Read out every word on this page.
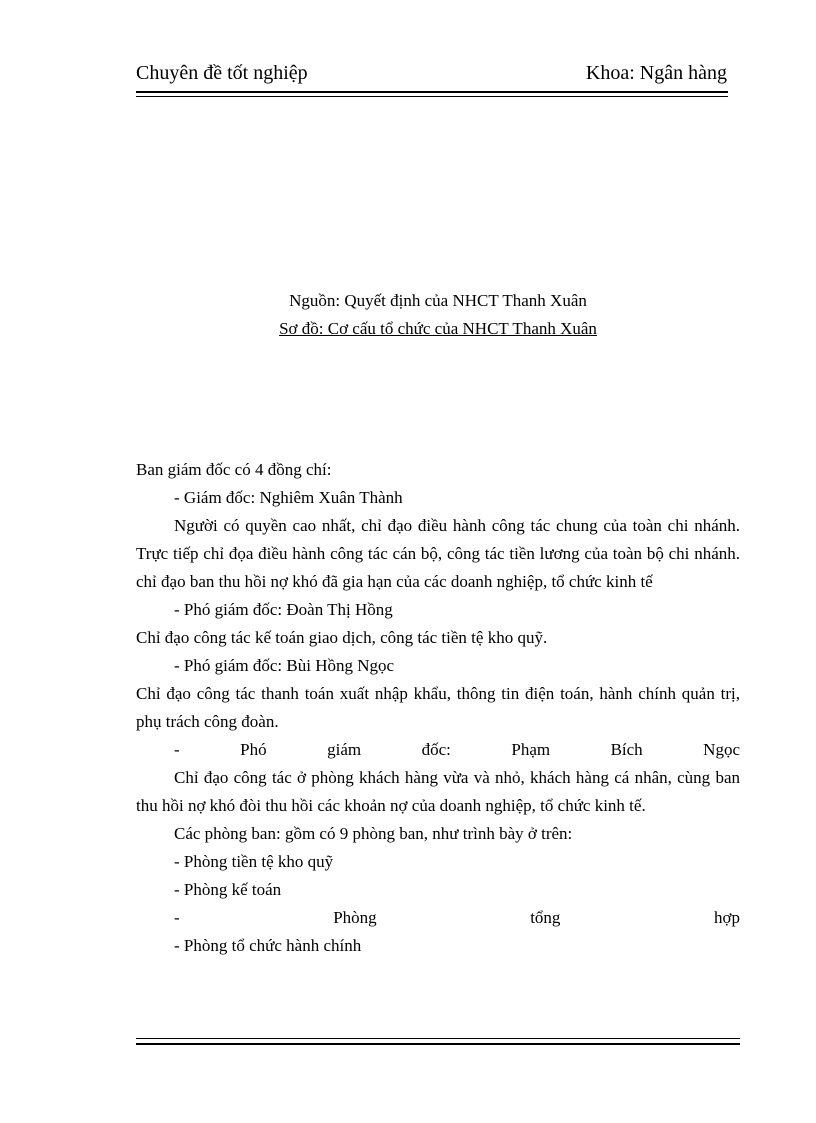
Chuyên đề tốt nghiệp	Khoa: Ngân hàng
Nguồn: Quyết định của NHCT Thanh Xuân
Sơ đồ: Cơ cấu tổ chức của NHCT Thanh Xuân
Ban giám đốc có 4 đồng chí:
- Giám đốc: Nghiêm Xuân Thành
Người có quyền cao nhất, chỉ đạo điều hành công tác chung của toàn chi nhánh. Trực tiếp chỉ đọa điều hành công tác cán bộ, công tác tiền lương của toàn bộ chi nhánh. chỉ đạo ban thu hồi nợ khó đã gia hạn của các doanh nghiệp, tổ chức kinh tế
- Phó giám đốc: Đoàn Thị Hồng
Chỉ đạo công tác kế toán giao dịch, công tác tiền tệ kho quỹ.
- Phó giám đốc: Bùi Hồng Ngọc
Chỉ đạo công tác thanh toán xuất nhập khẩu, thông tin điện toán, hành chính quản trị, phụ trách công đoàn.
-	Phó	giám	đốc:	Phạm	Bích	Ngọc
Chỉ đạo công tác ở phòng khách hàng vừa và nhỏ, khách hàng cá nhân, cùng ban thu hồi nợ khó đòi thu hồi các khoản nợ của doanh nghiệp, tổ chức kinh tế.
Các phòng ban: gồm có 9 phòng ban, như trình bày ở trên:
- Phòng tiền tệ kho quỹ
- Phòng kế toán
-	Phòng	tổng	hợp
- Phòng tổ chức hành chính
